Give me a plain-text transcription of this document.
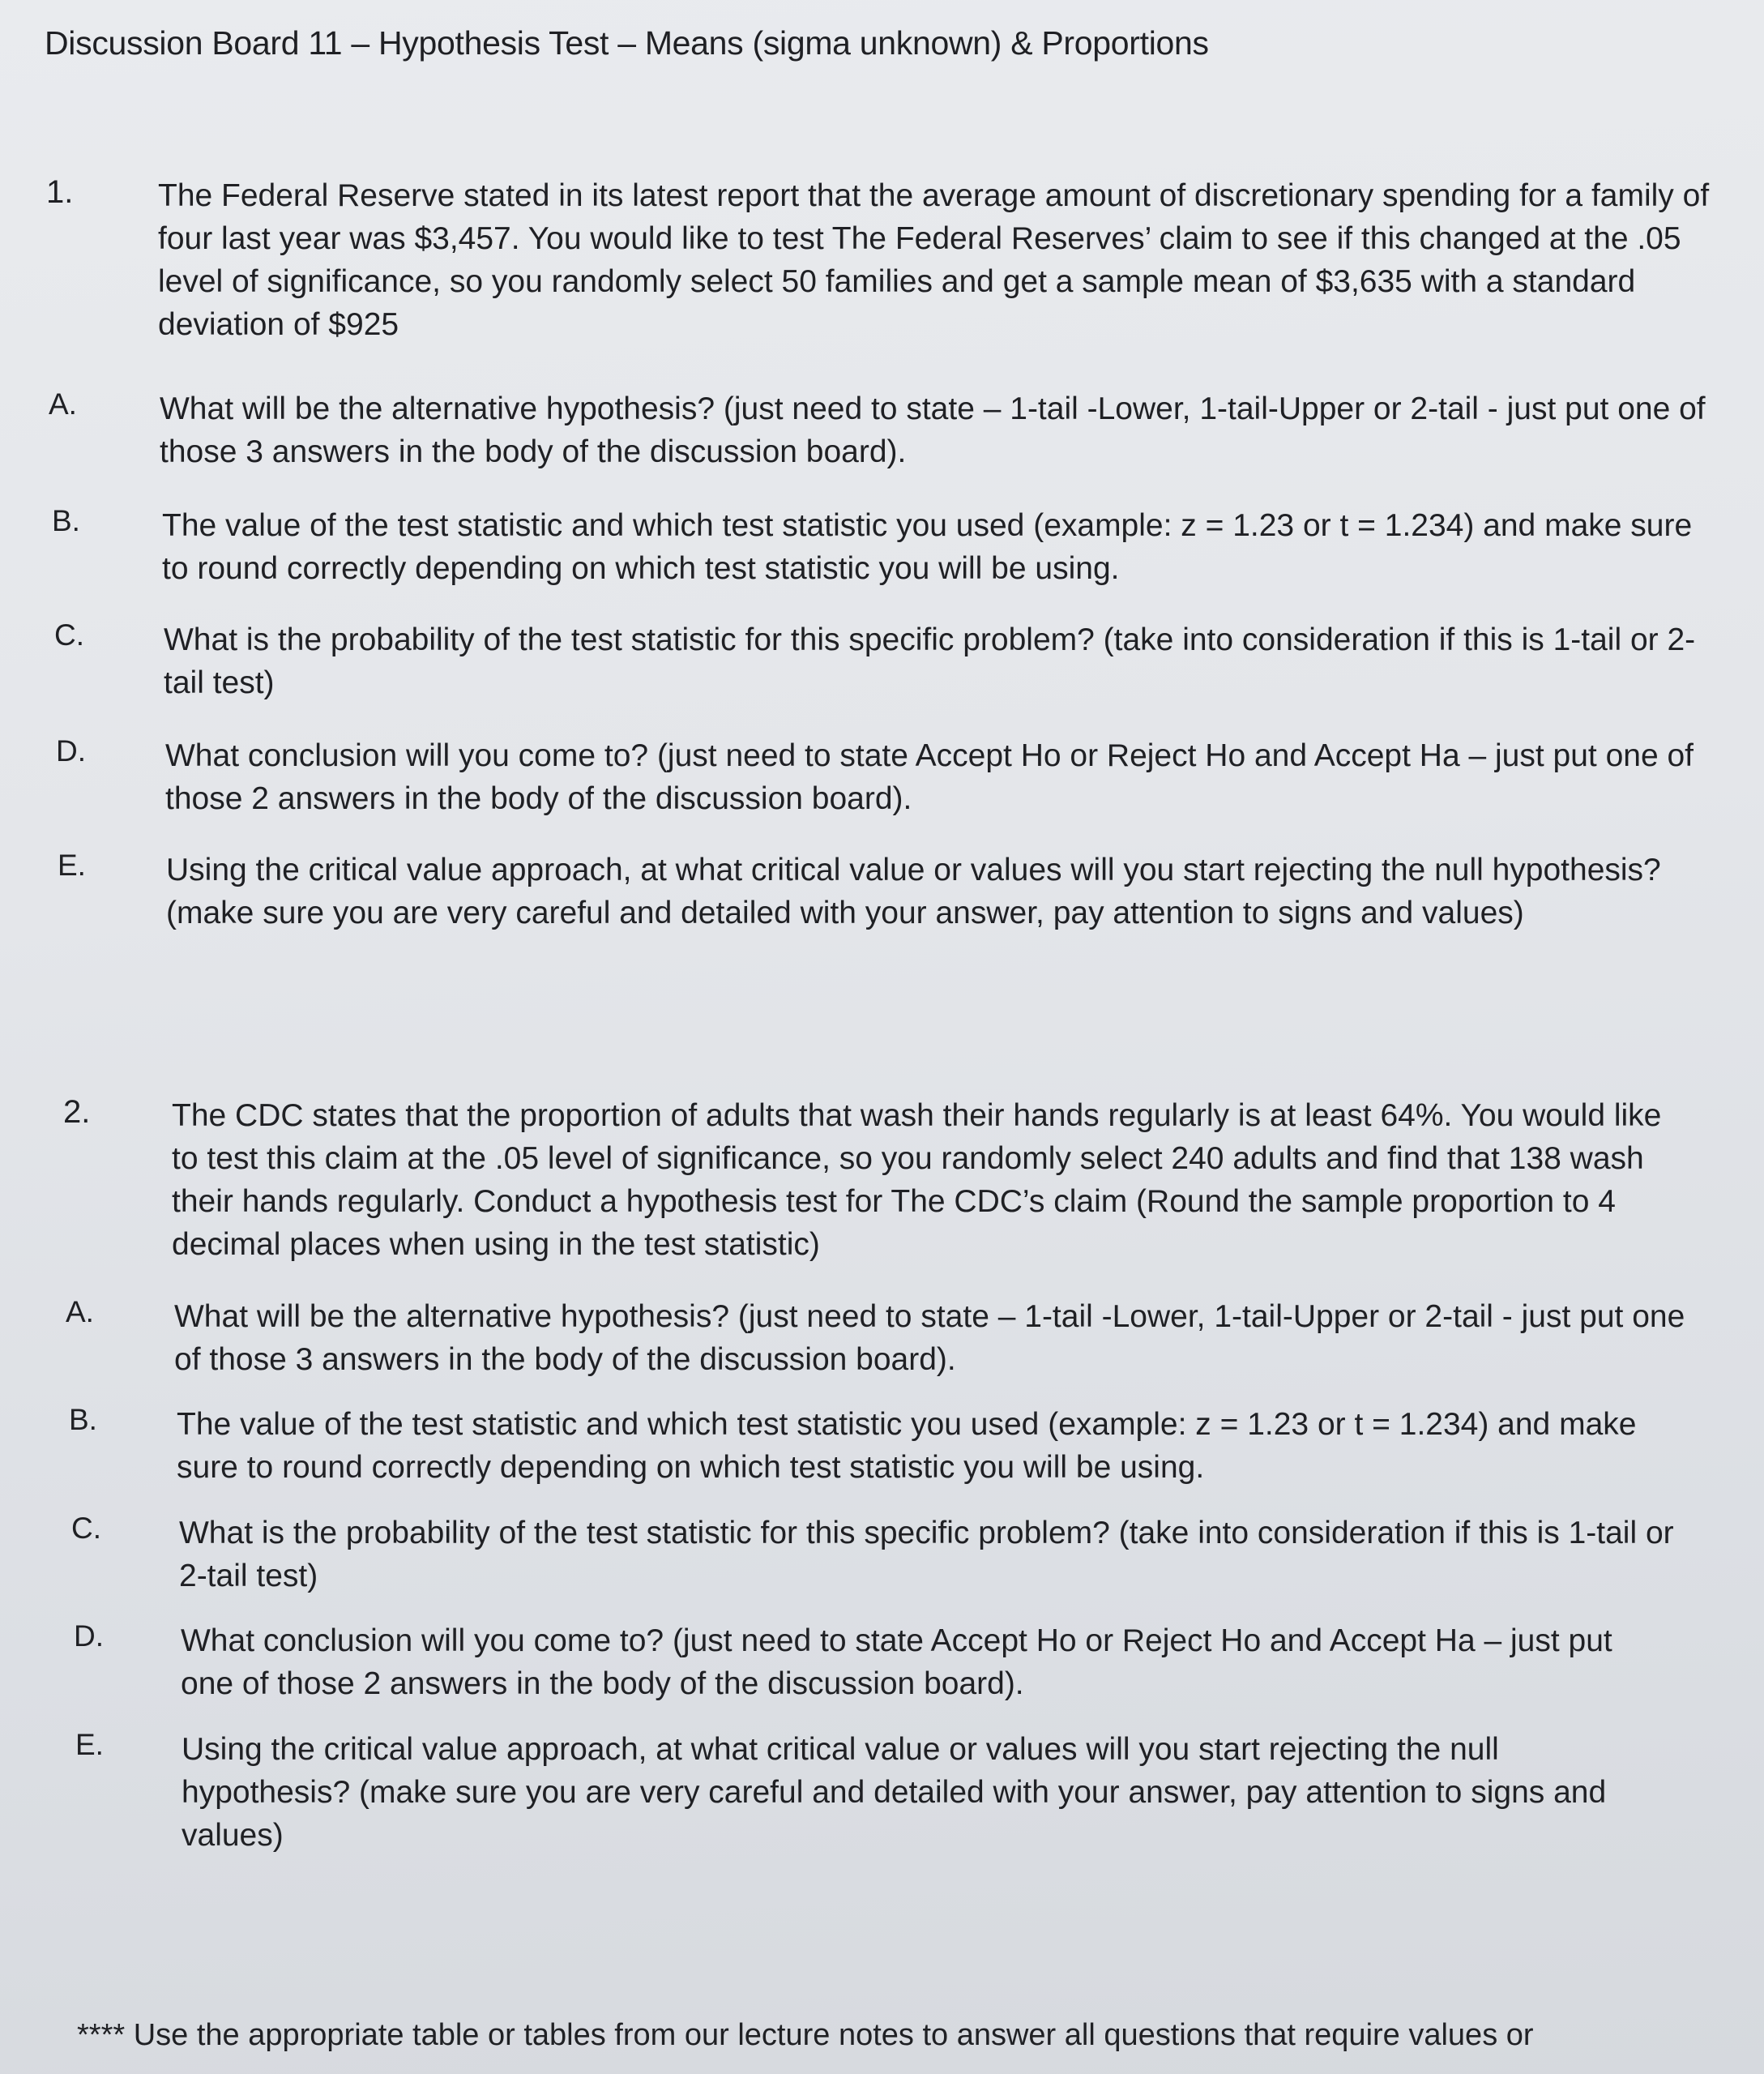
Discussion Board 11 – Hypothesis Test – Means (sigma unknown) & Proportions
1.	The Federal Reserve stated in its latest report that the average amount of discretionary spending for a family of four last year was $3,457. You would like to test The Federal Reserves’ claim to see if this changed at the .05 level of significance, so you randomly select 50 families and get a sample mean of $3,635 with a standard deviation of $925
A.	What will be the alternative hypothesis? (just need to state – 1-tail -Lower, 1-tail-Upper or 2-tail - just put one of those 3 answers in the body of the discussion board).
B.	The value of the test statistic and which test statistic you used (example: z = 1.23 or t = 1.234) and make sure to round correctly depending on which test statistic you will be using.
C.	What is the probability of the test statistic for this specific problem? (take into consideration if this is 1-tail or 2-tail test)
D.	What conclusion will you come to? (just need to state Accept Ho or Reject Ho and Accept Ha – just put one of those 2 answers in the body of the discussion board).
E.	Using the critical value approach, at what critical value or values will you start rejecting the null hypothesis? (make sure you are very careful and detailed with your answer, pay attention to signs and values)
2.	The CDC states that the proportion of adults that wash their hands regularly is at least 64%. You would like to test this claim at the .05 level of significance, so you randomly select 240 adults and find that 138 wash their hands regularly. Conduct a hypothesis test for The CDC’s claim (Round the sample proportion to 4 decimal places when using in the test statistic)
A.	What will be the alternative hypothesis? (just need to state – 1-tail -Lower, 1-tail-Upper or 2-tail - just put one of those 3 answers in the body of the discussion board).
B.	The value of the test statistic and which test statistic you used (example: z = 1.23 or t = 1.234) and make sure to round correctly depending on which test statistic you will be using.
C. What is the probability of the test statistic for this specific problem? (take into consideration if this is 1-tail or 2-tail test)
D. What conclusion will you come to? (just need to state Accept Ho or Reject Ho and Accept Ha – just put one of those 2 answers in the body of the discussion board).
E. Using the critical value approach, at what critical value or values will you start rejecting the null hypothesis? (make sure you are very careful and detailed with your answer, pay attention to signs and values)
**** Use the appropriate table or tables from our lecture notes to answer all questions that require values or
